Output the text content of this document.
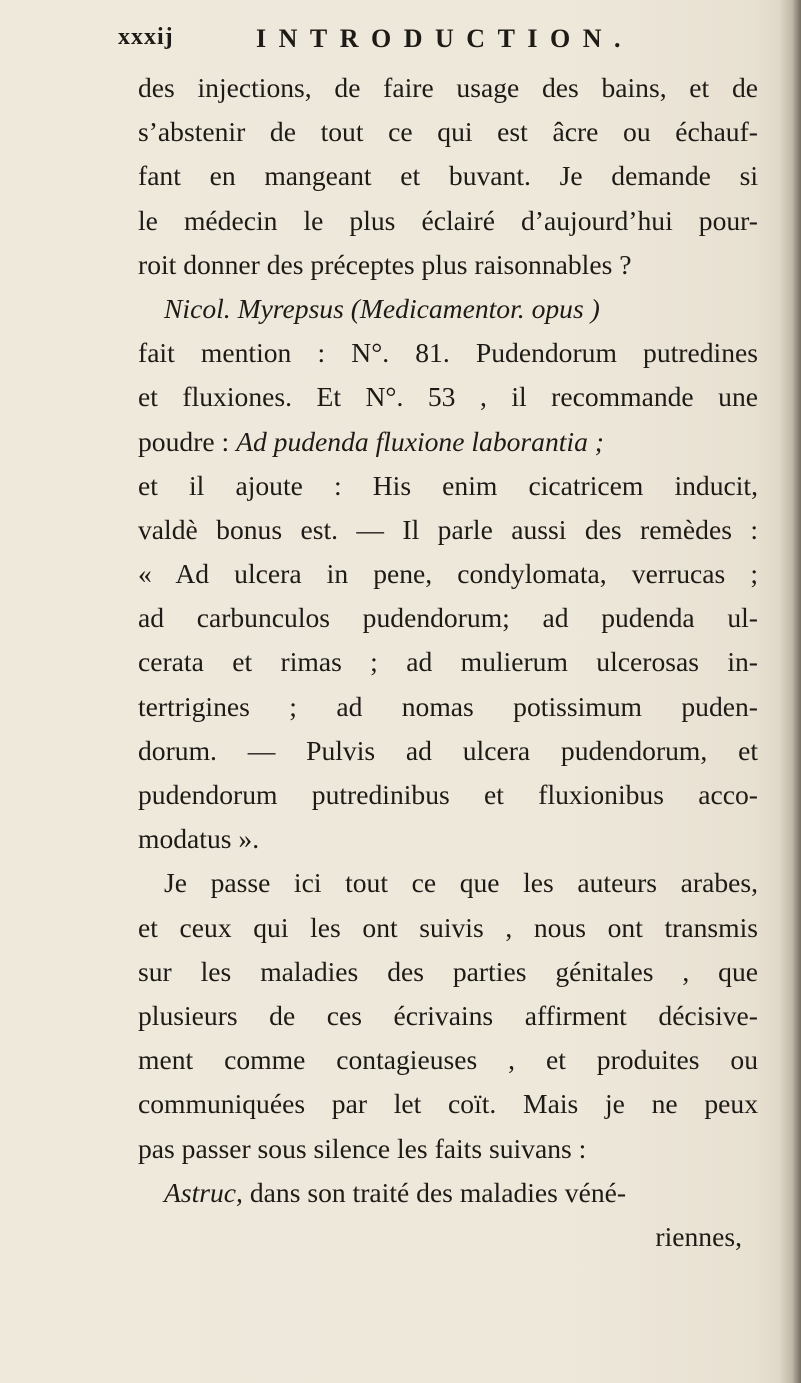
xxxij	INTRODUCTION.
des injections, de faire usage des bains, et de
s’abstenir de tout ce qui est âcre ou échauf-
fant en mangeant et buvant. Je demande si
le médecin le plus éclairé d’aujourd’hui pour-
roit donner des préceptes plus raisonnables ?
Nicol. Myrepsus (Medicamentor. opus )
fait mention : N°. 81. Pudendorum putredines
et fluxiones. Et N°. 53 , il recommande une
poudre : Ad pudenda fluxione laborantia ;
et il ajoute : His enim cicatricem inducit,
valdè bonus est. — Il parle aussi des remèdes :
« Ad ulcera in pene, condylomata, verrucas ;
ad carbunculos pudendorum; ad pudenda ul-
cerata et rimas ; ad mulierum ulcerosas in-
tertrigines ; ad nomas potissimum puden-
dorum. — Pulvis ad ulcera pudendorum, et
pudendorum putredinibus et fluxionibus acco-
modatus ».
Je passe ici tout ce que les auteurs arabes,
et ceux qui les ont suivis , nous ont transmis
sur les maladies des parties génitales , que
plusieurs de ces écrivains affirment décisive-
ment comme contagieuses , et produites ou
communiquées par let coït. Mais je ne peux
pas passer sous silence les faits suivans :
Astruc, dans son traité des maladies véné-
riennes,
